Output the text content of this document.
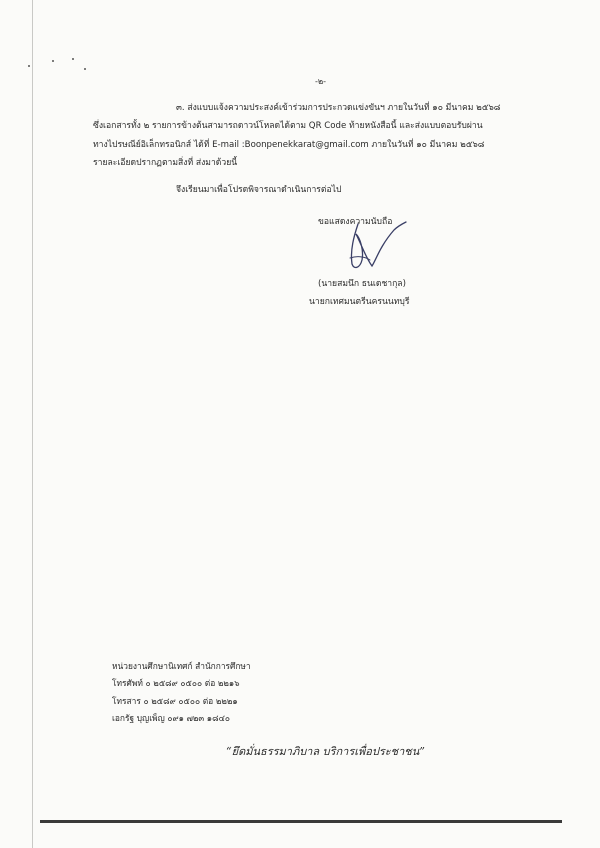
-๒-
๓. ส่งแบบแจ้งความประสงค์เข้าร่วมการประกวดแข่งขันฯ ภายในวันที่ ๑๐ มีนาคม ๒๕๖๘
ซึ่งเอกสารทั้ง ๒ รายการข้างต้นสามารถดาวน์โหลดได้ตาม QR Code ท้ายหนังสือนี้ และส่งแบบตอบรับผ่าน
ทางไปรษณีย์อิเล็กทรอนิกส์ ได้ที่ E-mail :Boonpenekkarat@gmail.com ภายในวันที่ ๑๐ มีนาคม ๒๕๖๘
รายละเอียดปรากฏตามสิ่งที่ ส่งมาด้วยนี้
จึงเรียนมาเพื่อโปรดพิจารณาดำเนินการต่อไป
ขอแสดงความนับถือ
(นายสมนึก ธนเดชากุล)
นายกเทศมนตรีนครนนทบุรี
หน่วยงานศึกษานิเทศก์ สำนักการศึกษา
โทรศัพท์ ๐ ๒๕๘๙ ๐๕๐๐ ต่อ ๒๒๑๖
โทรสาร ๐ ๒๕๘๙ ๐๕๐๐ ต่อ ๒๒๒๑
เอกรัฐ บุญเพ็ญ ๐๙๑ ๗๒๓ ๑๘๔๐
“ยึดมั่นธรรมาภิบาล บริการเพื่อประชาชน”
